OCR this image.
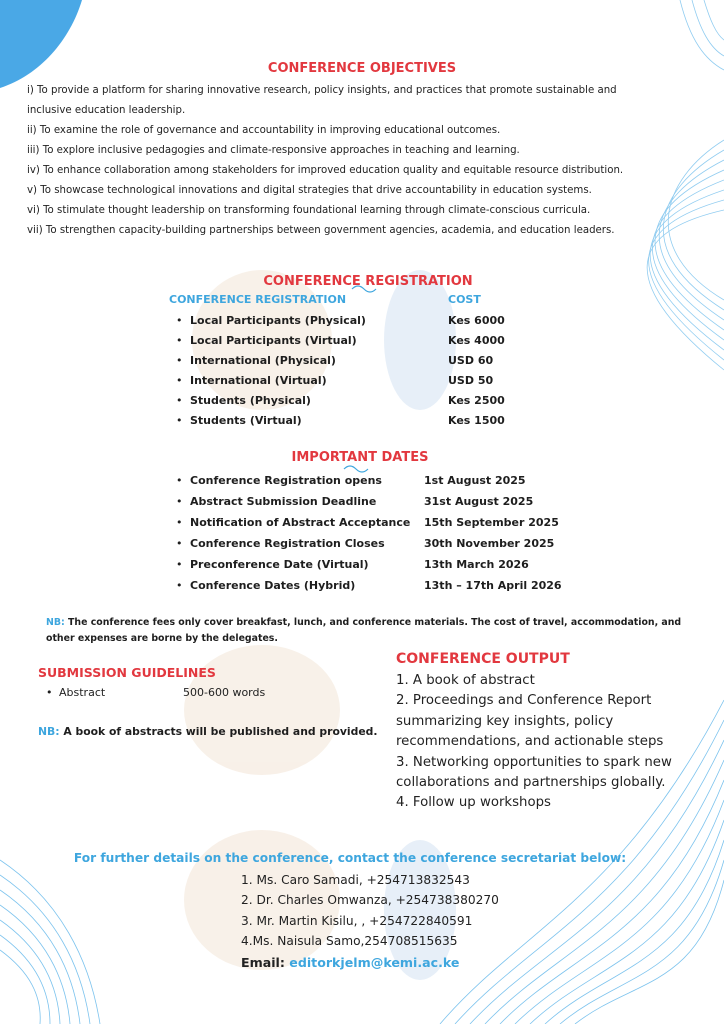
CONFERENCE OBJECTIVES

i) To provide a platform for sharing innovative research, policy insights, and practices that promote sustainable and

inclusive education leadership.

ii) To examine the role of governance and accountability in improving educational outcomes.

iii) To explore inclusive pedagogies and climate-responsive approaches in teaching and learning.

iv) To enhance collaboration among stakeholders for improved education quality and equitable resource distribution.

v) To showcase technological innovations and digital strategies that drive accountability in education systems.

vi) To stimulate thought leadership on transforming foundational learning through climate-conscious curricula.

vii) To strengthen capacity-building partnerships between government agencies, academia, and education leaders.

CONFERENCE REGISTRATION
CONFERENCE REGISTRATION	COST
• Local Participants (Physical)	Kes 6000
• Local Participants (Virtual)	Kes 4000
• International (Physical)	USD 60
• International (Virtual)	USD 50
• Students (Physical)	Kes 2500
• Students (Virtual)	Kes 1500
IMPORTANT DATES
• Conference Registration opens	1st August 2025
• Abstract Submission Deadline	31st August 2025
• Notification of Abstract Acceptance 15th September 2025
• Conference Registration Closes	30th November 2025
• Preconference Date (Virtual)	13th March 2026
• Conference Dates (Hybrid)	13th – 17th April 2026
NB: The conference fees only cover breakfast, lunch, and conference materials. The cost of travel, accommodation, and
other expenses are borne by the delegates.
SUBMISSION GUIDELINES
• Abstract	500-600 words
NB: A book of abstracts will be published and provided.
CONFERENCE OUTPUT
1. A book of abstract
2. Proceedings and Conference Report
summarizing key insights, policy
recommendations, and actionable steps
3. Networking opportunities to spark new
collaborations and partnerships globally.
4. Follow up workshops
For further details on the conference, contact the conference secretariat below:
1. Ms. Caro Samadi, +254713832543
2. Dr. Charles Omwanza, +254738380270
3. Mr. Martin Kisilu, , +254722840591
4.Ms. Naisula Samo,254708515635
Email: editorkjelm@kemi.ac.ke
